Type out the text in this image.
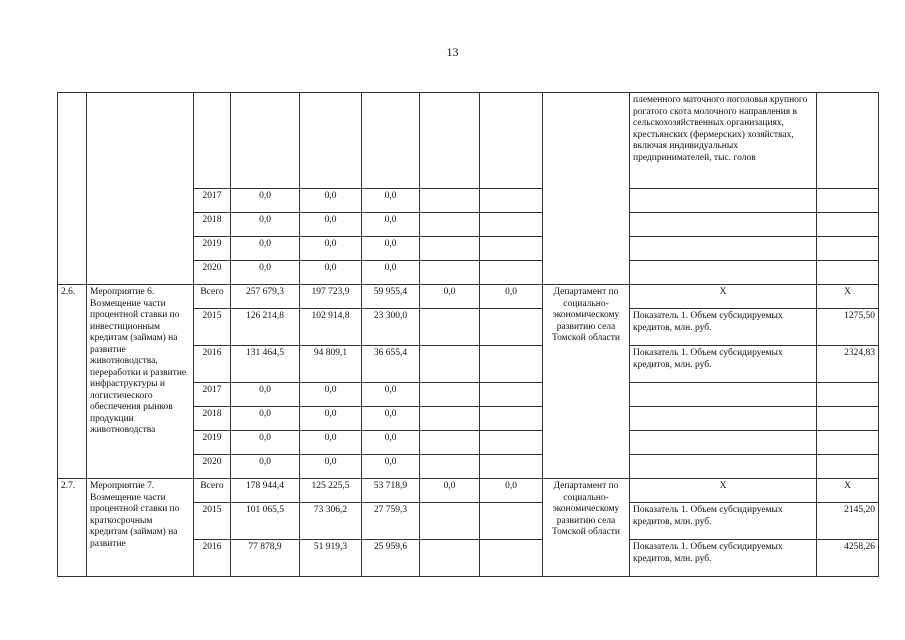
13
									племенного маточного поголовья крупного рогатого скота молочного направления в сельскохозяйственных организациях, крестьянских (фермерских) хозяйствах, включая индивидуальных предпринимателей, тыс. голов	
		2017	0,0	0,0	0,0					
		2018	0,0	0,0	0,0					
		2019	0,0	0,0	0,0					
		2020	0,0	0,0	0,0					
2.6.	Мероприятие 6. Возмещение части процентной ставки по инвестиционным кредитам (займам) на развитие животноводства, переработки и развитие инфраструктуры и логистического обеспечения рынков продукции животноводства	Всего	257 679,3	197 723,9	59 955,4	0,0	0,0	Департамент по социально-экономическому развитию села Томской области	Х	Х
		2015	126 214,8	102 914,8	23 300,0				Показатель 1. Объем субсидируемых кредитов, млн. руб.	1275,50
		2016	131 464,5	94 809,1	36 655,4				Показатель 1. Объем субсидируемых кредитов, млн. руб.	2324,83
		2017	0,0	0,0	0,0					
		2018	0,0	0,0	0,0					
		2019	0,0	0,0	0,0					
		2020	0,0	0,0	0,0					
2.7.	Мероприятие 7. Возмещение части процентной ставки по краткосрочным кредитам (займам) на развитие	Всего	178 944,4	125 225,5	53 718,9	0,0	0,0	Департамент по социально-экономическому развитию села Томской области	Х	Х
		2015	101 065,5	73 306,2	27 759,3				Показатель 1. Объем субсидируемых кредитов, млн. руб.	2145,20
		2016	77 878,9	51 919,3	25 959,6				Показатель 1. Объем субсидируемых кредитов, млн. руб.	4258,26
